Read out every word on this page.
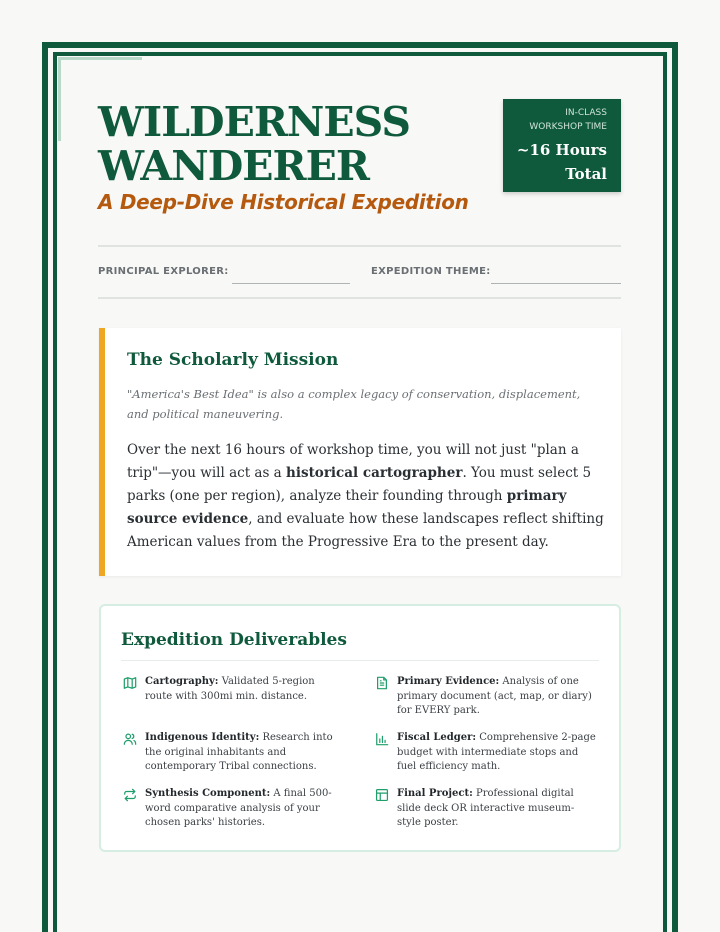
WILDERNESS
WANDERER
A Deep-Dive Historical Expedition
IN-CLASS
WORKSHOP TIME
~16 Hours
Total
PRINCIPAL EXPLORER:	EXPEDITION THEME:
The Scholarly Mission
"America's Best Idea" is also a complex legacy of conservation, displacement, and political maneuvering.
Over the next 16 hours of workshop time, you will not just "plan a trip"—you will act as a historical cartographer. You must select 5 parks (one per region), analyze their founding through primary source evidence, and evaluate how these landscapes reflect shifting American values from the Progressive Era to the present day.
Expedition Deliverables
Cartography: Validated 5-region route with 300mi min. distance.
Primary Evidence: Analysis of one primary document (act, map, or diary) for EVERY park.
Indigenous Identity: Research into the original inhabitants and contemporary Tribal connections.
Fiscal Ledger: Comprehensive 2-page budget with intermediate stops and fuel efficiency math.
Synthesis Component: A final 500-word comparative analysis of your chosen parks' histories.
Final Project: Professional digital slide deck OR interactive museum-style poster.
